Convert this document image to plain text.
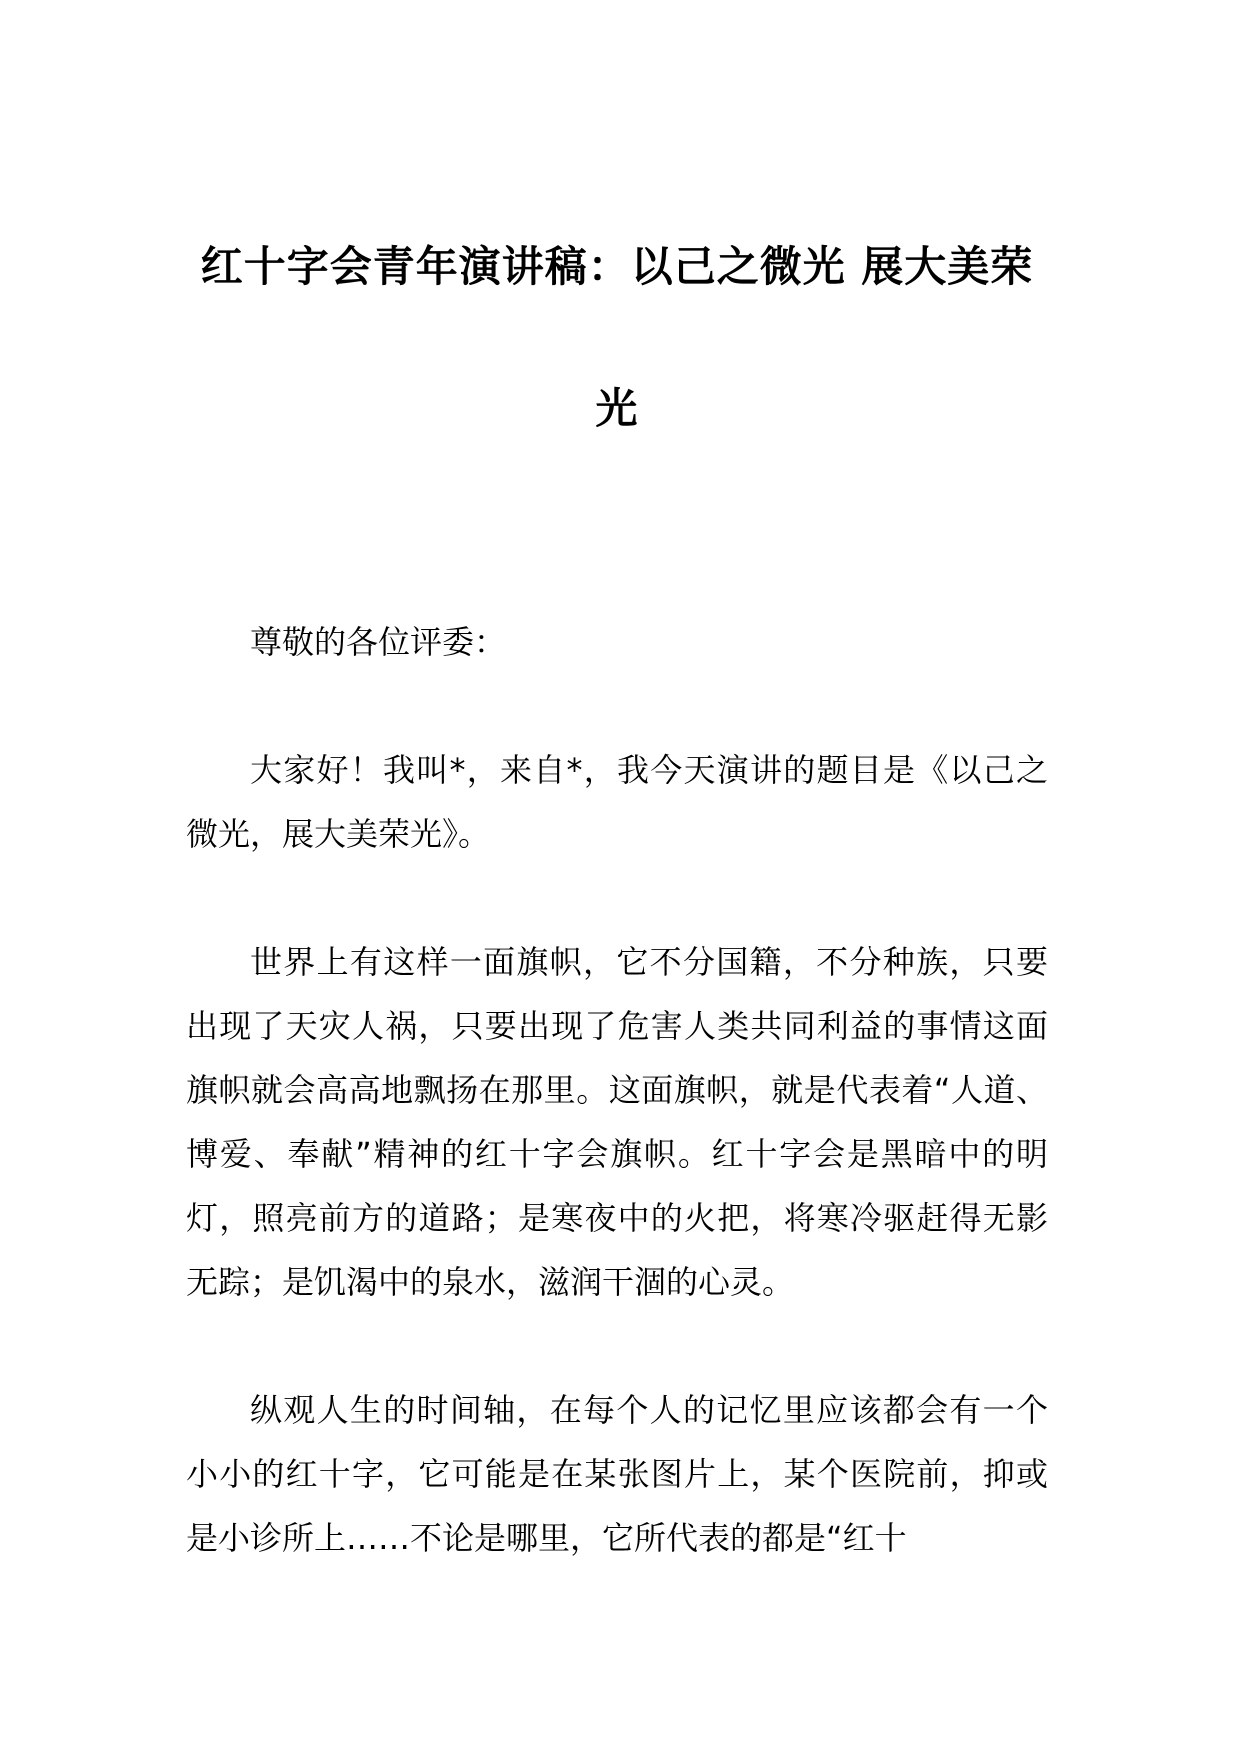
红十字会青年演讲稿：以己之微光 展大美荣光

尊敬的各位评委：

大家好！我叫*，来自*，我今天演讲的题目是《以己之微光，展大美荣光》。

世界上有这样一面旗帜，它不分国籍，不分种族，只要出现了天灾人祸，只要出现了危害人类共同利益的事情这面旗帜就会高高地飘扬在那里。这面旗帜，就是代表着“人道、博爱、奉献”精神的红十字会旗帜。红十字会是黑暗中的明灯，照亮前方的道路；是寒夜中的火把，将寒冷驱赶得无影无踪；是饥渴中的泉水，滋润干涸的心灵。

纵观人生的时间轴，在每个人的记忆里应该都会有一个小小的红十字，它可能是在某张图片上，某个医院前，抑或是小诊所上……不论是哪里，它所代表的都是“红十
